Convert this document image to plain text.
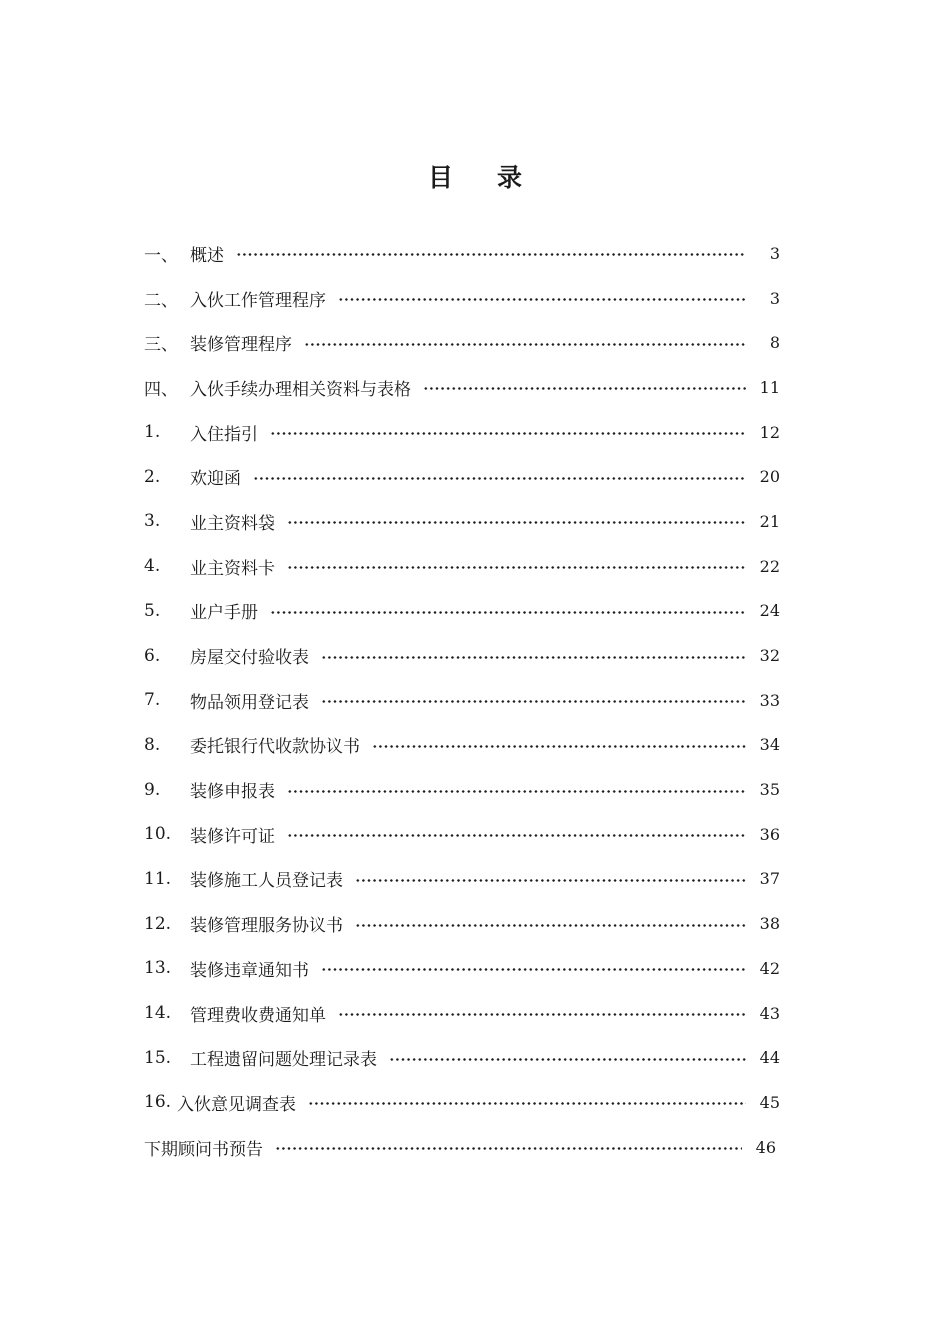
目 录
一、 概述	3
二、 入伙工作管理程序	3
三、 装修管理程序	8
四、 入伙手续办理相关资料与表格	11
1.	入住指引	12
2.	欢迎函	20
3.	业主资料袋	21
4.	业主资料卡	22
5.	业户手册	24
6.	房屋交付验收表	32
7.	物品领用登记表	33
8.	委托银行代收款协议书	34
9.	装修申报表	35
10.	装修许可证	36
11.	装修施工人员登记表	37
12.	装修管理服务协议书	38
13.	装修违章通知书	42
14.	管理费收费通知单	43
15.	工程遗留问题处理记录表	44
16. 入伙意见调查表	45
下期顾问书预告	46
